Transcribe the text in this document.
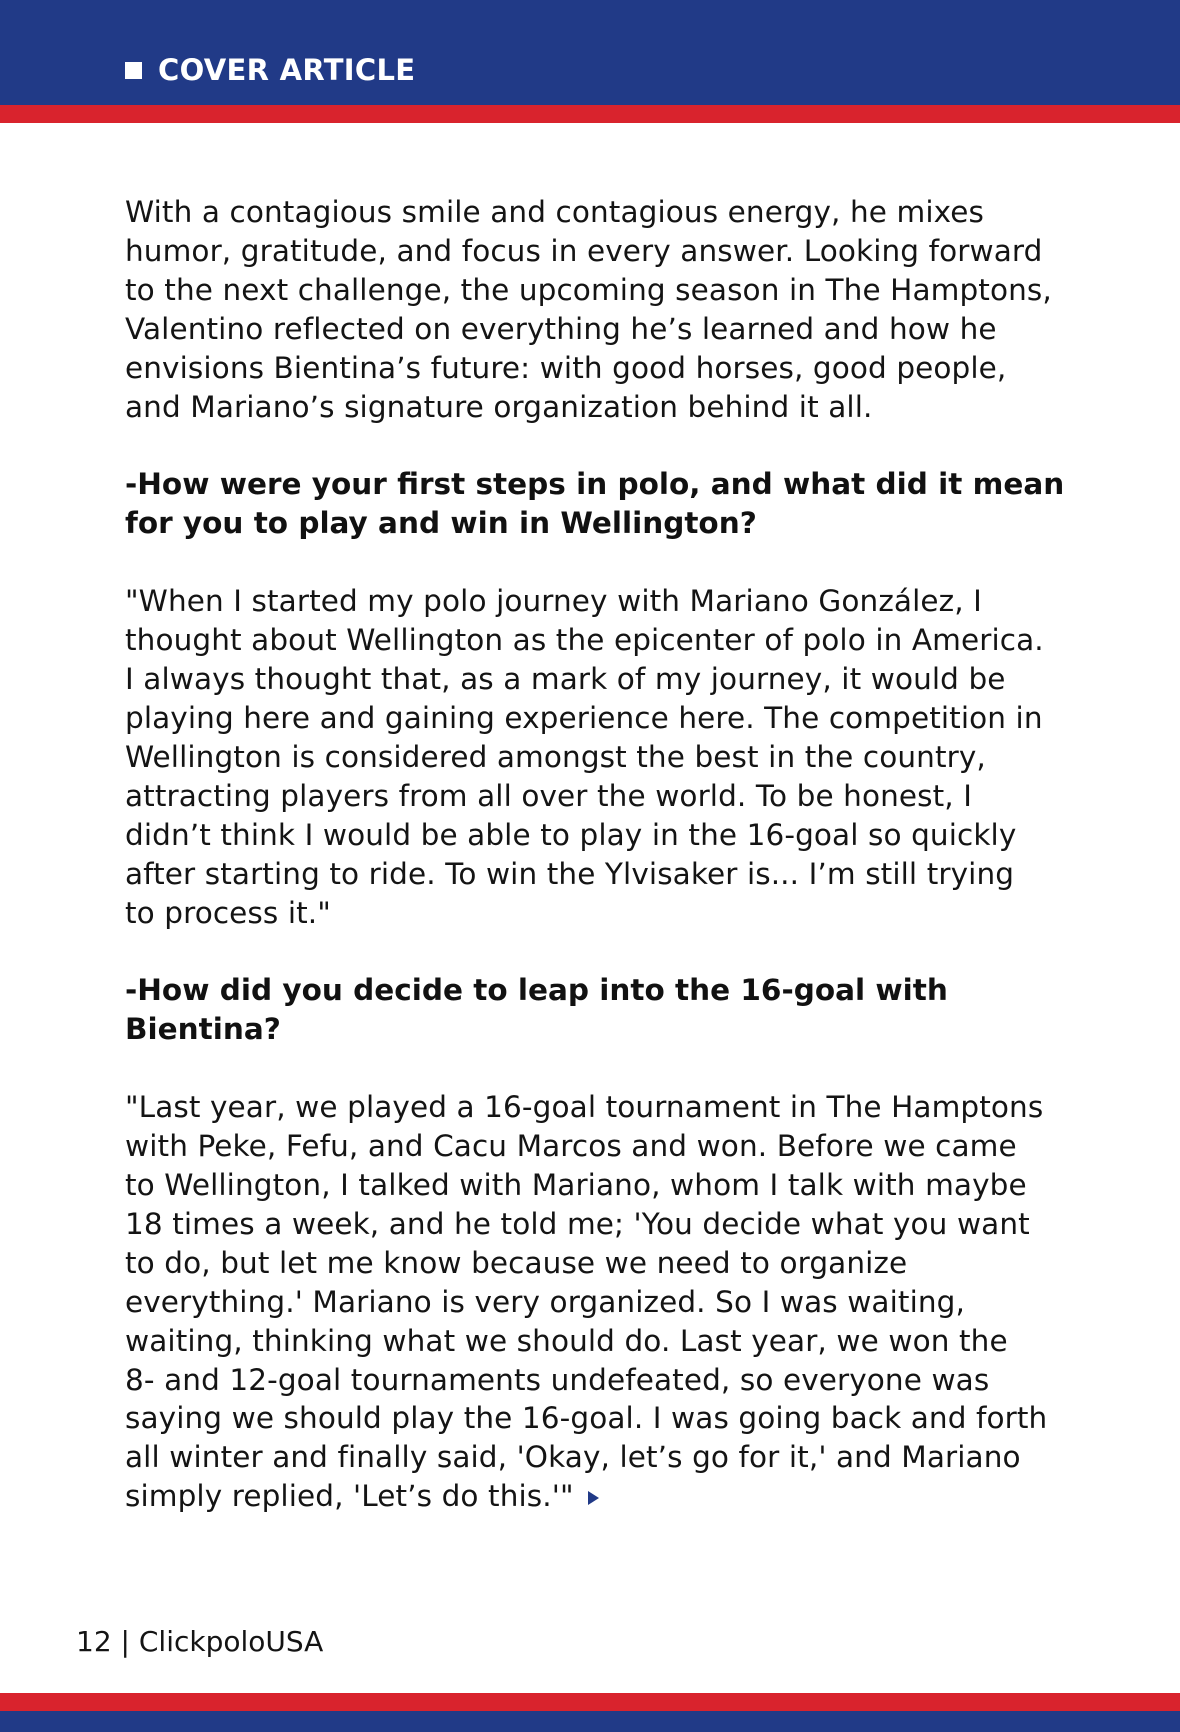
COVER ARTICLE

With a contagious smile and contagious energy, he mixes
humor, gratitude, and focus in every answer. Looking forward
to the next challenge, the upcoming season in The Hamptons,
Valentino reflected on everything he’s learned and how he
envisions Bientina’s future: with good horses, good people,
and Mariano’s signature organization behind it all.

-How were your first steps in polo, and what did it mean
for you to play and win in Wellington?

"When I started my polo journey with Mariano González, I
thought about Wellington as the epicenter of polo in America.
I always thought that, as a mark of my journey, it would be
playing here and gaining experience here. The competition in
Wellington is considered amongst the best in the country,
attracting players from all over the world. To be honest, I
didn’t think I would be able to play in the 16-goal so quickly
after starting to ride. To win the Ylvisaker is... I’m still trying
to process it."

-How did you decide to leap into the 16-goal with
Bientina?

"Last year, we played a 16-goal tournament in The Hamptons
with Peke, Fefu, and Cacu Marcos and won. Before we came
to Wellington, I talked with Mariano, whom I talk with maybe
18 times a week, and he told me; 'You decide what you want
to do, but let me know because we need to organize
everything.' Mariano is very organized. So I was waiting,
waiting, thinking what we should do. Last year, we won the
8- and 12-goal tournaments undefeated, so everyone was
saying we should play the 16-goal. I was going back and forth
all winter and finally said, 'Okay, let’s go for it,' and Mariano
simply replied, 'Let’s do this.'"

12 | ClickpoloUSA
